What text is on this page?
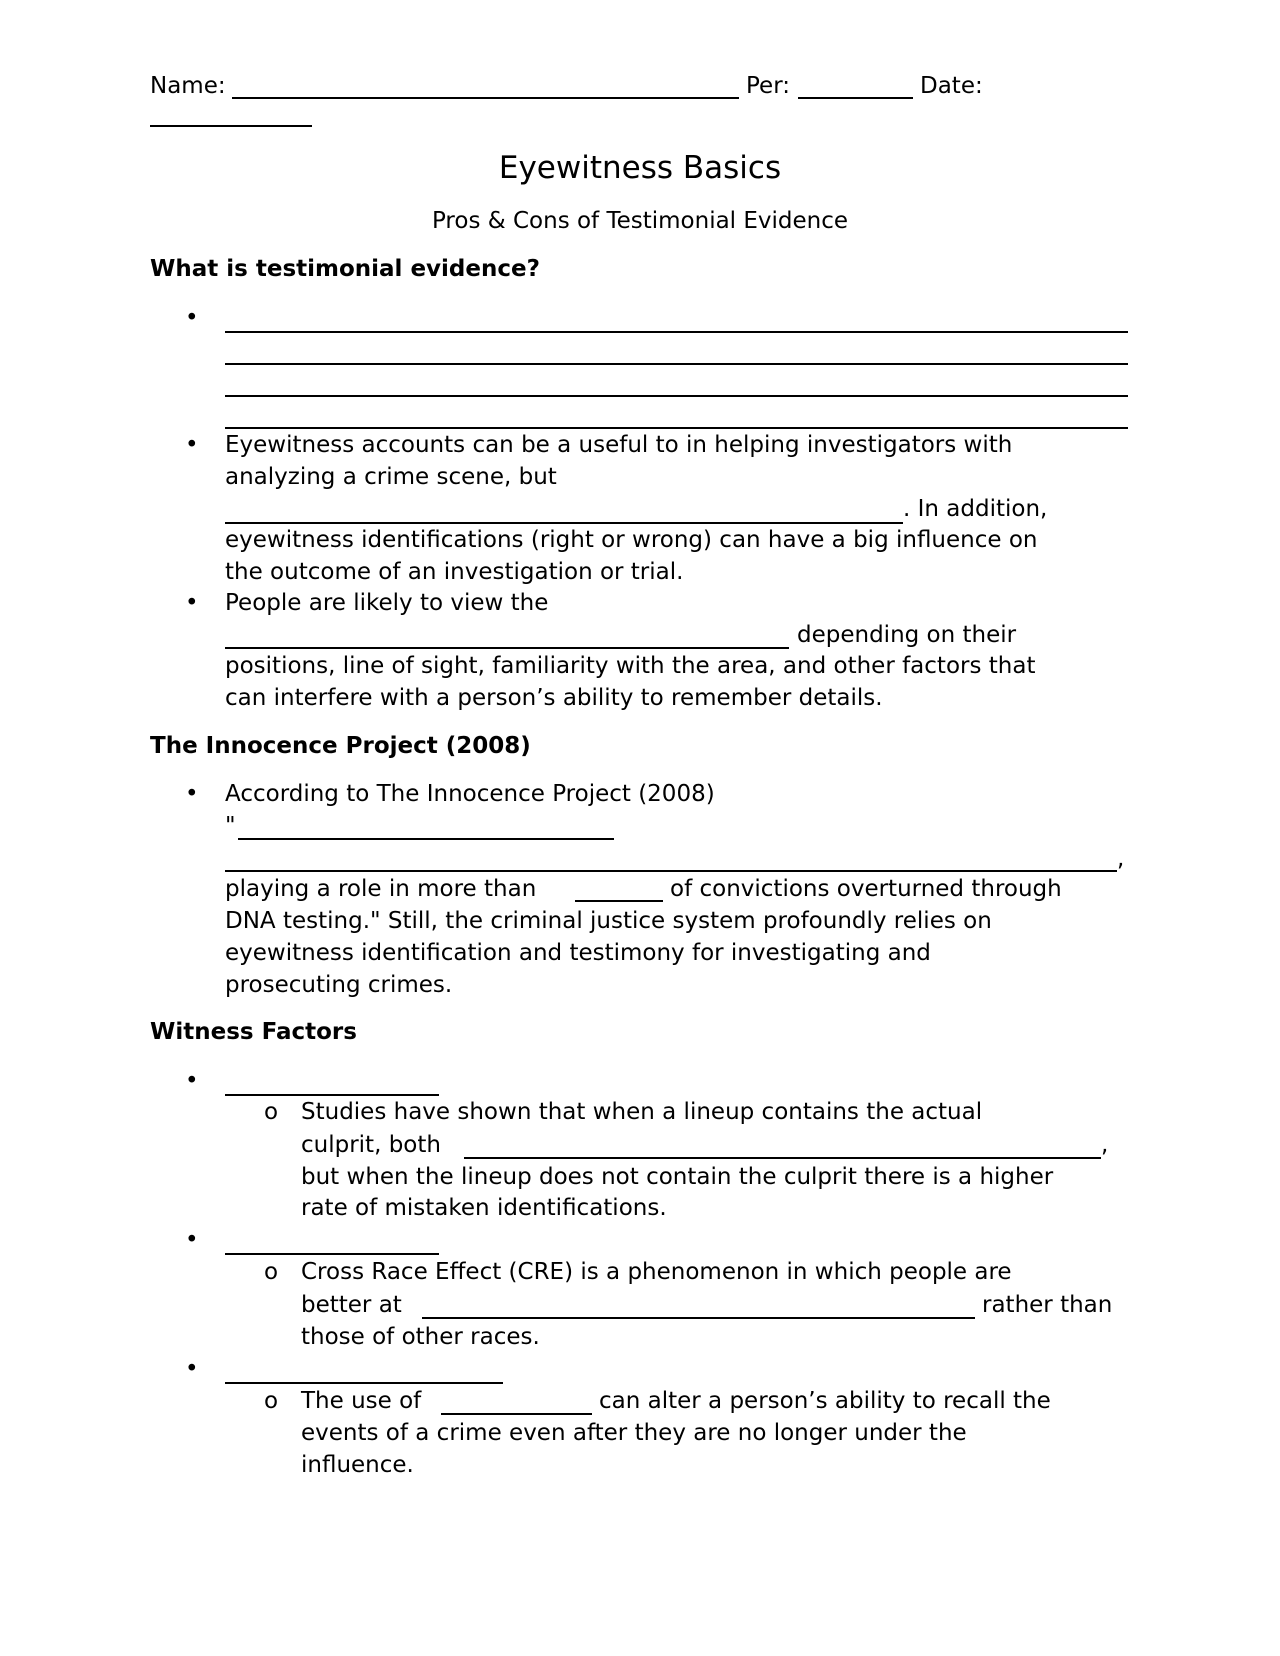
Name:	Per:	Date:
Eyewitness Basics
Pros & Cons of Testimonial Evidence
What is testimonial evidence?
•
• Eyewitness accounts can be a useful to in helping investigators with
analyzing a crime scene, but
. In addition,
eyewitness identifications (right or wrong) can have a big influence on
the outcome of an investigation or trial.
• People are likely to view the
depending on their
positions, line of sight, familiarity with the area, and other factors that
can interfere with a person’s ability to remember details.
The Innocence Project (2008)
• According to The Innocence Project (2008)
"
,
playing a role in more than	of convictions overturned through
DNA testing." Still, the criminal justice system profoundly relies on
eyewitness identification and testimony for investigating and
prosecuting crimes.
Witness Factors
•
o Studies have shown that when a lineup contains the actual
culprit, both	,
but when the lineup does not contain the culprit there is a higher
rate of mistaken identifications.
•
o Cross Race Effect (CRE) is a phenomenon in which people are
better at	rather than
those of other races.
•
o The use of	can alter a person’s ability to recall the
events of a crime even after they are no longer under the
influence.
